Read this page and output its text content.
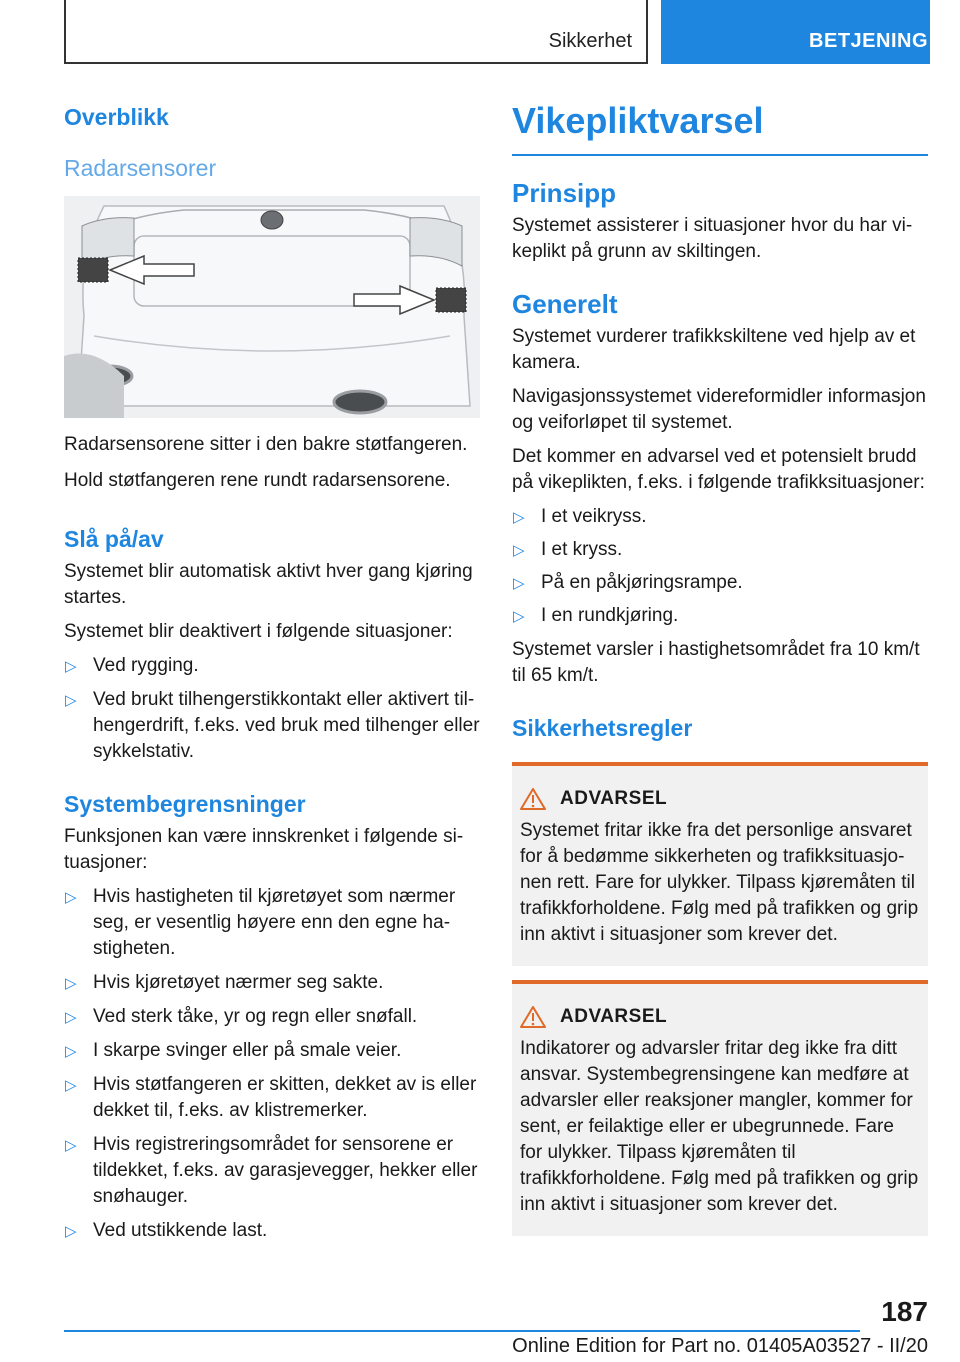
Sikkerhet	BETJENING
Overblikk
Radarsensorer

Radarsensorene sitter i den bakre støtfangeren.

Hold støtfangeren rene rundt radarsensorene.

Slå på/av

Systemet blir automatisk aktivt hver gang kjøring startes.

Systemet blir deaktivert i følgende situasjoner:

▷ Ved rygging.
▷ Ved brukt tilhengerstikkontakt eller aktivert tilhengerdrift, f.eks. ved bruk med tilhenger eller sykkelstativ.
Systembegrensninger

Funksjonen kan være innskrenket i følgende situasjoner:

▷ Hvis hastigheten til kjøretøyet som nærmer seg, er vesentlig høyere enn den egne hastigheten.
▷ Hvis kjøretøyet nærmer seg sakte.
▷ Ved sterk tåke, yr og regn eller snøfall.
▷ I skarpe svinger eller på smale veier.
▷ Hvis støtfangeren er skitten, dekket av is eller dekket til, f.eks. av klistremerker.
▷ Hvis registreringsområdet for sensorene er tildekket, f.eks. av garasjevegger, hekker eller snøhauger.
▷ Ved utstikkende last.
Vikepliktvarsel
Prinsipp

Systemet assisterer i situasjoner hvor du har vikeplikt på grunn av skiltingen.

Generelt

Systemet vurderer trafikkskiltene ved hjelp av et kamera.

Navigasjonssystemet videreformidler informasjon og veiforløpet til systemet.

Det kommer en advarsel ved et potensielt brudd på vikeplikten, f.eks. i følgende trafikksituasjoner:

▷ I et veikryss.
▷ I et kryss.
▷ På en påkjøringsrampe.
▷ I en rundkjøring.

Systemet varsler i hastighetsområdet fra 10 km/t til 65 km/t.

Sikkerhetsregler
ADVARSEL

Systemet fritar ikke fra det personlige ansvaret for å bedømme sikkerheten og trafikksituasjonen rett. Fare for ulykker. Tilpass kjøremåten til trafikkforholdene. Følg med på trafikken og grip inn aktivt i situasjoner som krever det.

ADVARSEL

Indikatorer og advarsler fritar deg ikke fra ditt ansvar. Systembegrensingene kan medføre at advarsler eller reaksjoner mangler, kommer for sent, er feilaktige eller er ubegrunnede. Fare for ulykker. Tilpass kjøremåten til trafikkforholdene. Følg med på trafikken og grip inn aktivt i situasjoner som krever det.

187
Online Edition for Part no. 01405A03527 - II/20
